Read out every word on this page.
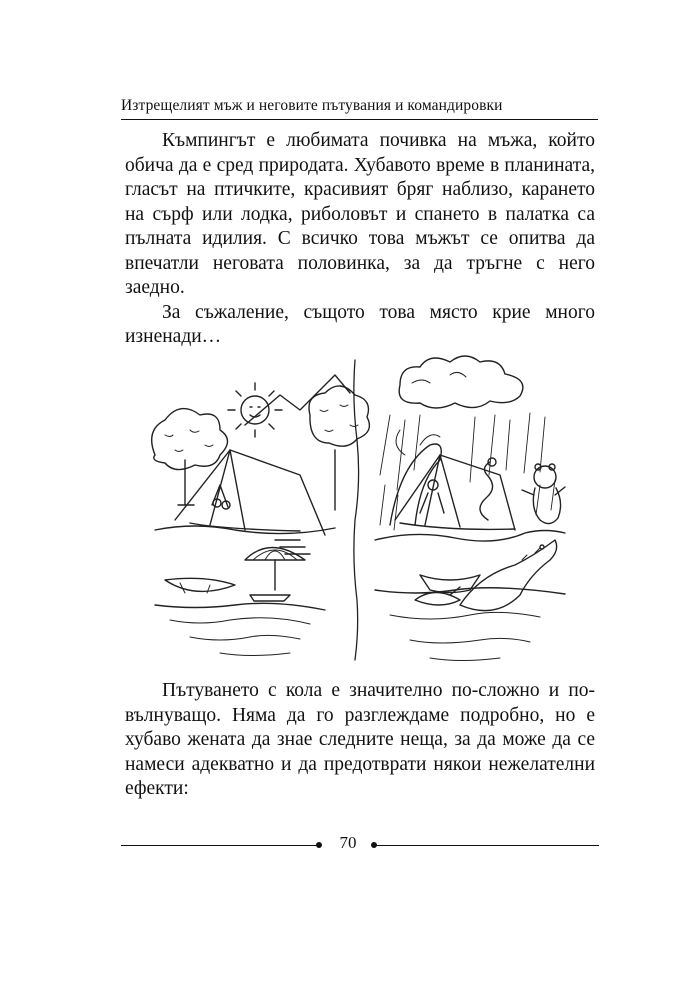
Изтрещелият мъж и неговите пътувания и командировки

Къмпингът е любимата почивка на мъжа, който обича да е сред природата. Хубавото време в планината, гласът на птичките, красивият бряг наблизо, карането на сърф или лодка, риболовът и спането в палатка са пълната идилия. С всичко това мъжът се опитва да впечатли неговата половинка, за да тръгне с него заедно.

За съжаление, същото това място крие много изненади…

Пътуването с кола е значително по-сложно и по-вълнуващо. Няма да го разглеждаме подробно, но е хубаво жената да знае следните неща, за да може да се намеси адекватно и да предотврати някои нежелателни ефекти:

70
